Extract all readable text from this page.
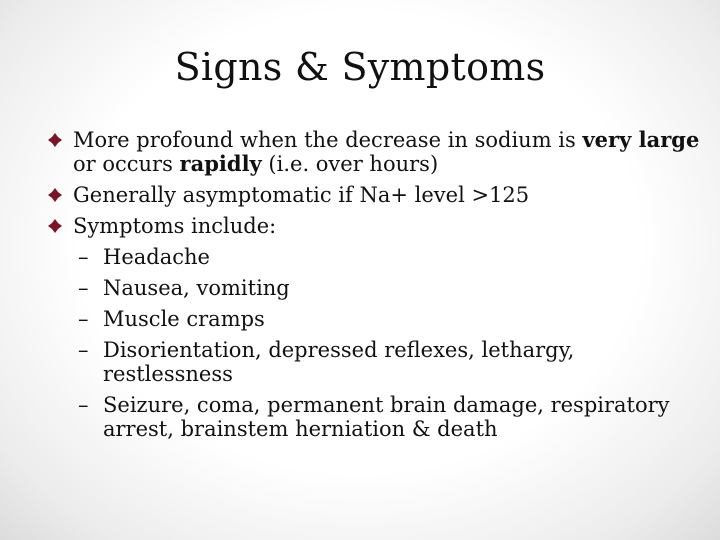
Signs & Symptoms
More profound when the decrease in sodium is very large or occurs rapidly (i.e. over hours)
Generally asymptomatic if Na+ level >125
Symptoms include:
– Headache
– Nausea, vomiting
– Muscle cramps
– Disorientation, depressed reflexes, lethargy, restlessness
– Seizure, coma, permanent brain damage, respiratory arrest, brainstem herniation & death
